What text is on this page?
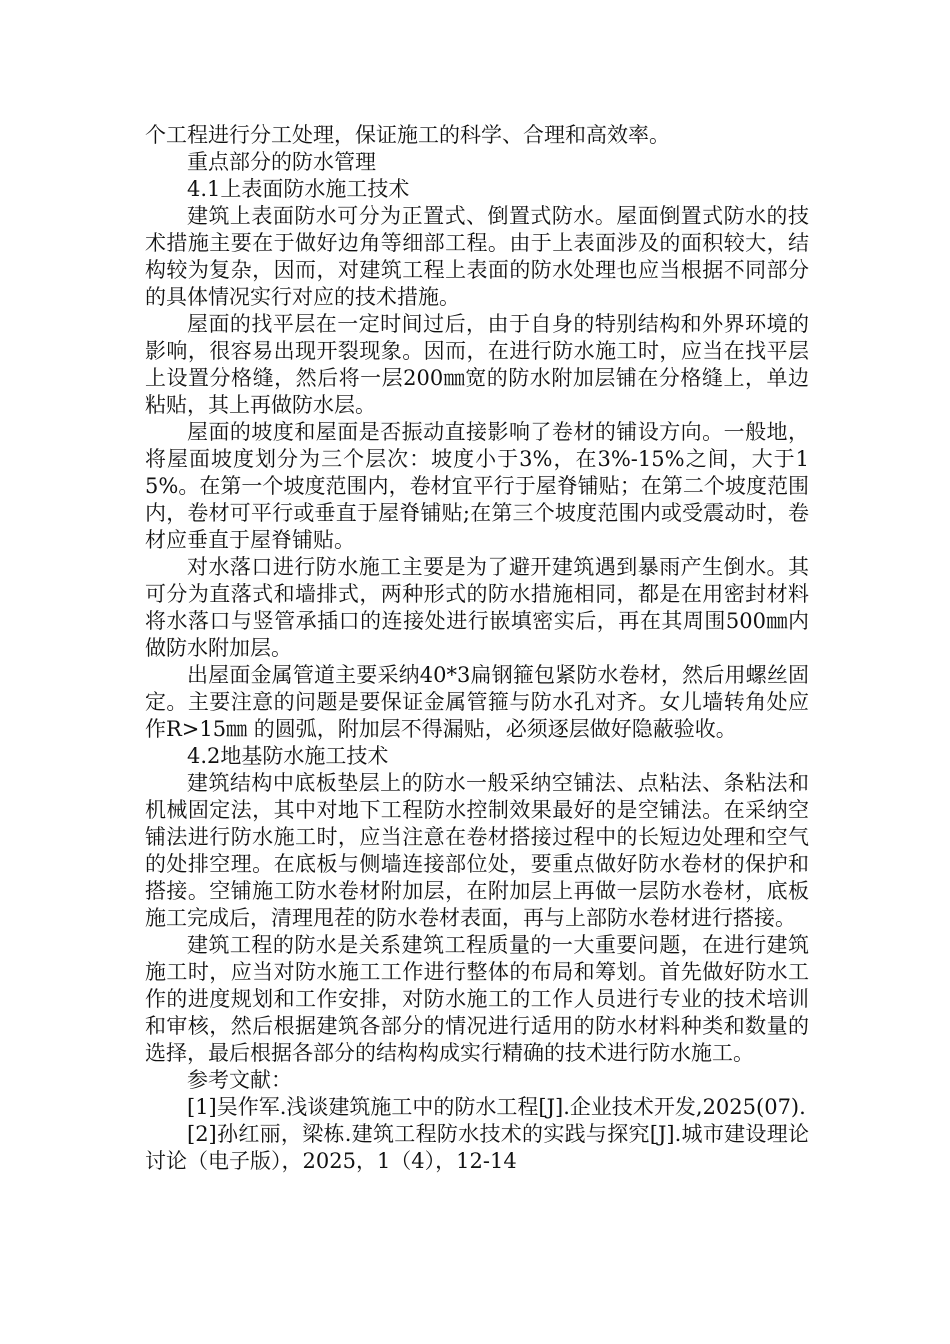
个工程进行分工处理，保证施工的科学、合理和高效率。

重点部分的防水管理

4.1上表面防水施工技术

建筑上表面防水可分为正置式、倒置式防水。屋面倒置式防水的技术措施主要在于做好边角等细部工程。由于上表面涉及的面积较大，结构较为复杂，因而，对建筑工程上表面的防水处理也应当根据不同部分的具体情况实行对应的技术措施。

屋面的找平层在一定时间过后，由于自身的特别结构和外界环境的影响，很容易出现开裂现象。因而，在进行防水施工时，应当在找平层上设置分格缝，然后将一层200㎜宽的防水附加层铺在分格缝上，单边粘贴，其上再做防水层。

屋面的坡度和屋面是否振动直接影响了卷材的铺设方向。一般地，将屋面坡度划分为三个层次：坡度小于3%，在3%-15%之间，大于15%。在第一个坡度范围内，卷材宜平行于屋脊铺贴；在第二个坡度范围内，卷材可平行或垂直于屋脊铺贴;在第三个坡度范围内或受震动时，卷材应垂直于屋脊铺贴。

对水落口进行防水施工主要是为了避开建筑遇到暴雨产生倒水。其可分为直落式和墙排式，两种形式的防水措施相同，都是在用密封材料将水落口与竖管承插口的连接处进行嵌填密实后，再在其周围500㎜内做防水附加层。

出屋面金属管道主要采纳40*3扁钢箍包紧防水卷材，然后用螺丝固定。主要注意的问题是要保证金属管箍与防水孔对齐。女儿墙转角处应作R>15㎜ 的圆弧，附加层不得漏贴，必须逐层做好隐蔽验收。

4.2地基防水施工技术

建筑结构中底板垫层上的防水一般采纳空铺法、点粘法、条粘法和机械固定法，其中对地下工程防水控制效果最好的是空铺法。在采纳空铺法进行防水施工时，应当注意在卷材搭接过程中的长短边处理和空气的处排空理。在底板与侧墙连接部位处，要重点做好防水卷材的保护和搭接。空铺施工防水卷材附加层，在附加层上再做一层防水卷材，底板施工完成后，清理甩茬的防水卷材表面，再与上部防水卷材进行搭接。

建筑工程的防水是关系建筑工程质量的一大重要问题，在进行建筑施工时，应当对防水施工工作进行整体的布局和筹划。首先做好防水工作的进度规划和工作安排，对防水施工的工作人员进行专业的技术培训和审核，然后根据建筑各部分的情况进行适用的防水材料种类和数量的选择，最后根据各部分的结构构成实行精确的技术进行防水施工。

参考文献：

[1]吴作军.浅谈建筑施工中的防水工程[J].企业技术开发,2025(07).

[2]孙红丽，梁栋.建筑工程防水技术的实践与探究[J].城市建设理论讨论（电子版），2025，1（4），12-14
